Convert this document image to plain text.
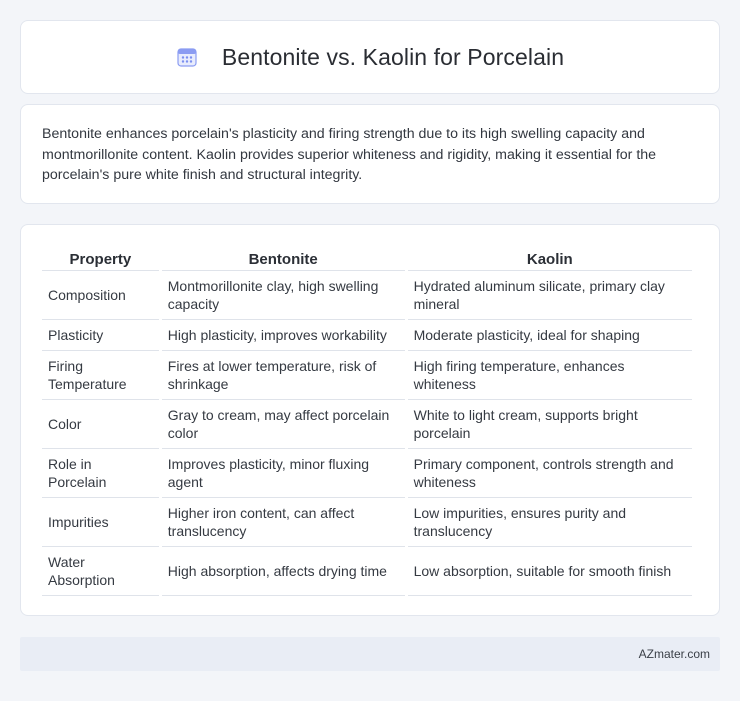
Bentonite vs. Kaolin for Porcelain

Bentonite enhances porcelain's plasticity and firing strength due to its high swelling capacity and montmorillonite content. Kaolin provides superior whiteness and rigidity, making it essential for the porcelain's pure white finish and structural integrity.

Property	Bentonite	Kaolin
Composition	Montmorillonite clay, high swelling capacity	Hydrated aluminum silicate, primary clay mineral
Plasticity	High plasticity, improves workability	Moderate plasticity, ideal for shaping
Firing Temperature	Fires at lower temperature, risk of shrinkage	High firing temperature, enhances whiteness
Color	Gray to cream, may affect porcelain color	White to light cream, supports bright porcelain
Role in Porcelain	Improves plasticity, minor fluxing agent	Primary component, controls strength and whiteness
Impurities	Higher iron content, can affect translucency	Low impurities, ensures purity and translucency
Water Absorption	High absorption, affects drying time	Low absorption, suitable for smooth finish
AZmater.com
